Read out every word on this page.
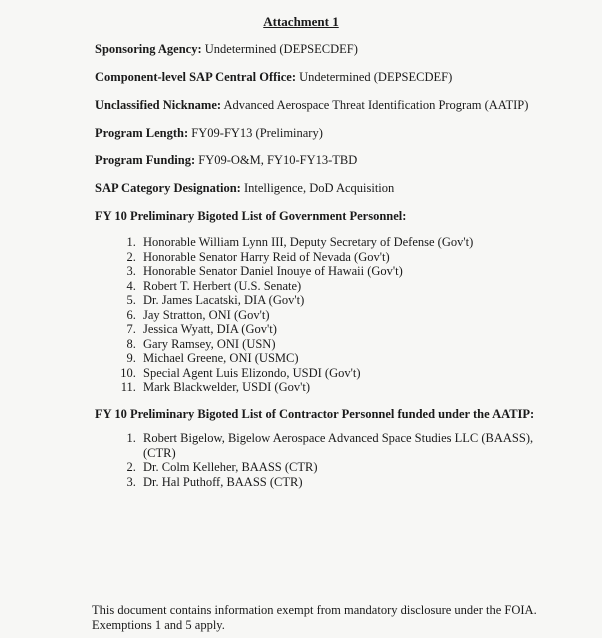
Attachment 1
Sponsoring Agency: Undetermined (DEPSECDEF)
Component-level SAP Central Office: Undetermined (DEPSECDEF)
Unclassified Nickname: Advanced Aerospace Threat Identification Program (AATIP)
Program Length: FY09-FY13 (Preliminary)
Program Funding: FY09-O&M, FY10-FY13-TBD
SAP Category Designation: Intelligence, DoD Acquisition
FY 10 Preliminary Bigoted List of Government Personnel:
1. Honorable William Lynn III, Deputy Secretary of Defense (Gov't)
2. Honorable Senator Harry Reid of Nevada (Gov't)
3. Honorable Senator Daniel Inouye of Hawaii (Gov't)
4. Robert T. Herbert (U.S. Senate)
5. Dr. James Lacatski, DIA (Gov't)
6. Jay Stratton, ONI (Gov't)
7. Jessica Wyatt, DIA (Gov't)
8. Gary Ramsey, ONI (USN)
9. Michael Greene, ONI (USMC)
10. Special Agent Luis Elizondo, USDI (Gov't)
11. Mark Blackwelder, USDI (Gov't)
FY 10 Preliminary Bigoted List of Contractor Personnel funded under the AATIP:
1. Robert Bigelow, Bigelow Aerospace Advanced Space Studies LLC (BAASS), (CTR)
2. Dr. Colm Kelleher, BAASS (CTR)
3. Dr. Hal Puthoff, BAASS (CTR)
This document contains information exempt from mandatory disclosure under the FOIA. Exemptions 1 and 5 apply.
